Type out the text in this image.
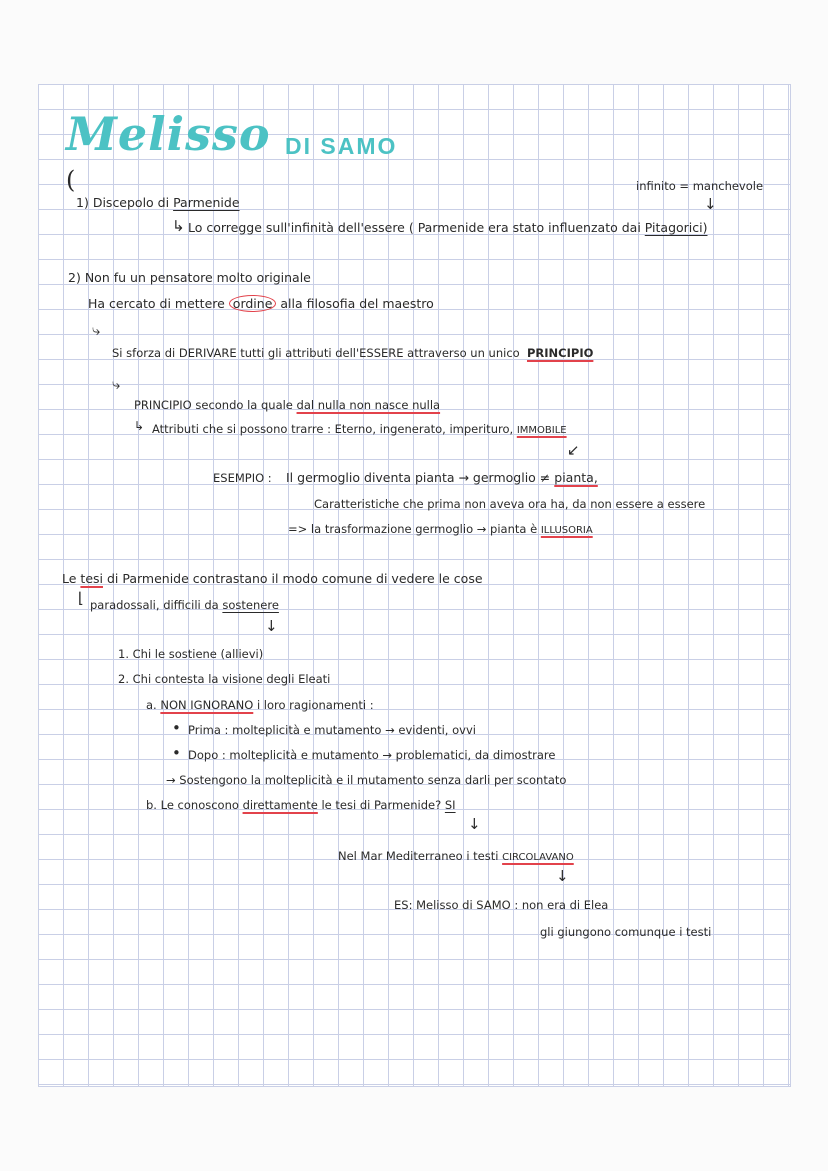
Melisso DI SAMO
infinito = manchevole
↓
(
1) Discepolo di Parmenide
↳ Lo corregge sull'infinità dell'essere ( Parmenide era stato influenzato dai Pitagorici)
2) Non fu un pensatore molto originale
Ha cercato di mettere ordine alla filosofia del maestro
⤷
Si sforza di DERIVARE tutti gli attributi dell'ESSERE attraverso un unico PRINCIPIO
⤷
PRINCIPIO secondo la quale dal nulla non nasce nulla
↳ Attributi che si possono trarre : Eterno, ingenerato, imperituro, IMMOBILE
↙
ESEMPIO : Il germoglio diventa pianta → germoglio ≠ pianta,
Caratteristiche che prima non aveva ora ha, da non essere a essere
=> la trasformazione germoglio → pianta è ILLUSORIA
Le tesi di Parmenide contrastano il modo comune di vedere le cose
⌊ paradossali, difficili da sostenere
↓
1. Chi le sostiene (allievi)
2. Chi contesta la visione degli Eleati
a. NON IGNORANO i loro ragionamenti :
• Prima : molteplicità e mutamento → evidenti, ovvi
• Dopo : molteplicità e mutamento → problematici, da dimostrare
→ Sostengono la molteplicità e il mutamento senza darli per scontato
b. Le conoscono direttamente le tesi di Parmenide? SI
↓
Nel Mar Mediterraneo i testi CIRCOLAVANO
↓
ES: Melisso di SAMO : non era di Elea
gli giungono comunque i testi
